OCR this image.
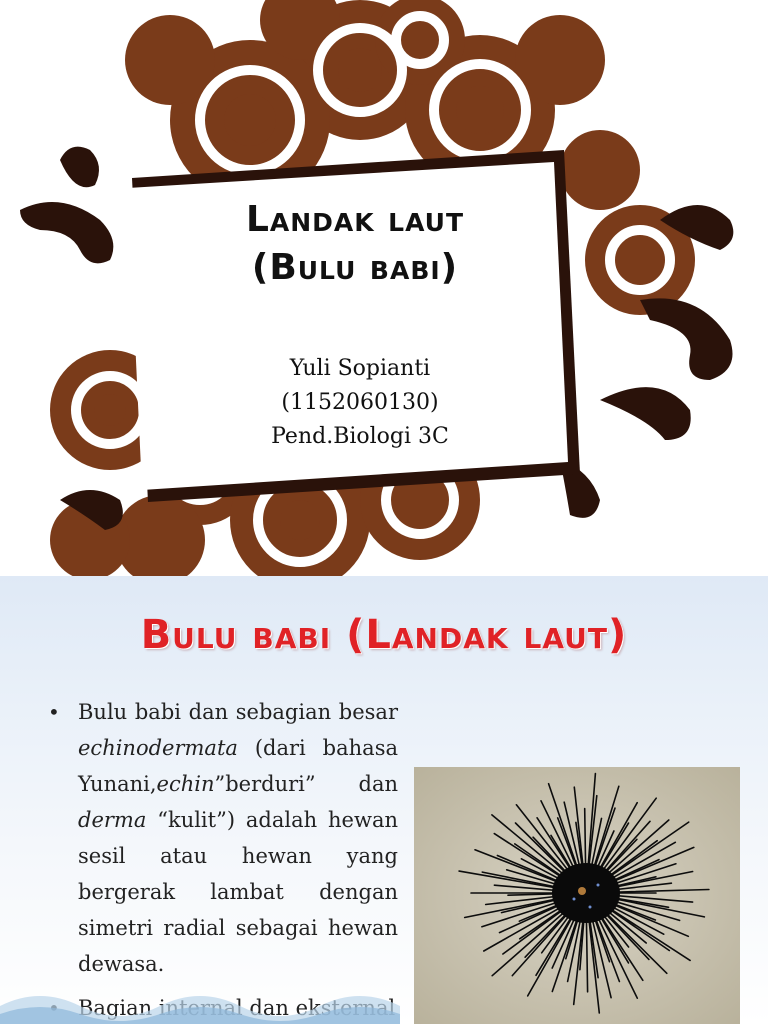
Landak laut
(Bulu babi)
Yuli Sopianti
(1152060130)
Pend.Biologi 3C
Bulu babi (Landak laut)
• Bulu babi dan sebagian besar echinodermata (dari bahasa Yunani,echin”berduri” dan derma “kulit”) adalah hewan sesil atau hewan yang bergerak lambat dengan simetri radial sebagai hewan dewasa.
